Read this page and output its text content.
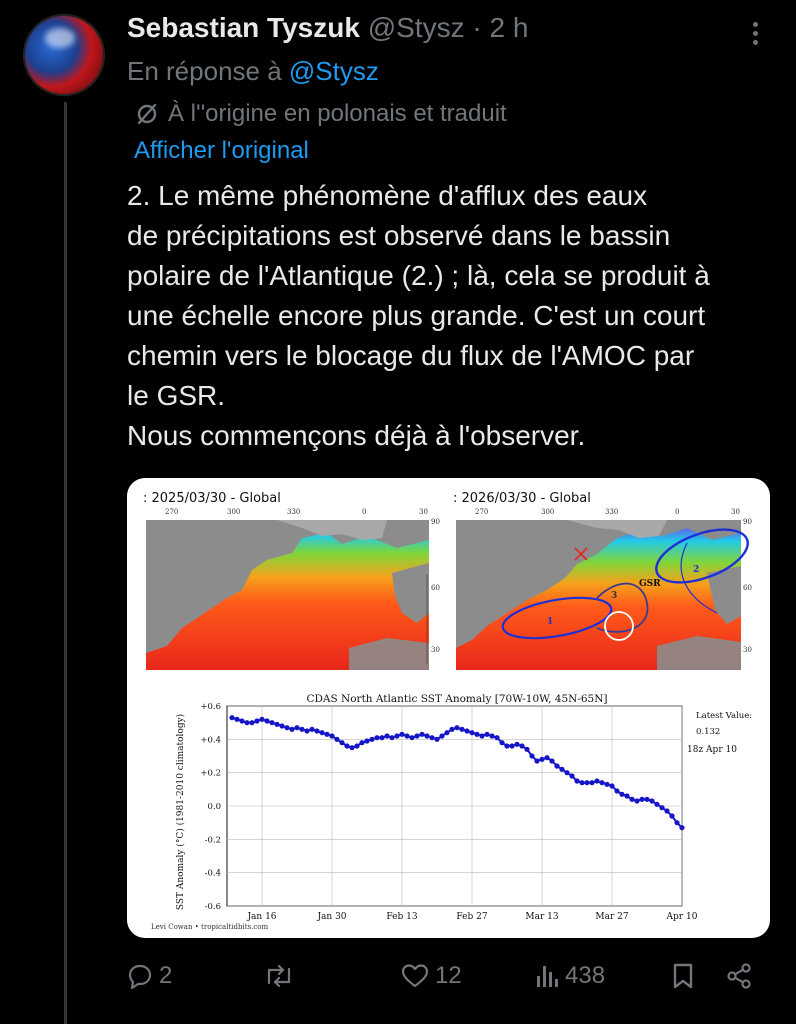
Sebastian Tyszuk @Stysz · 2 h
En réponse à @Stysz
À l''origine en polonais et traduit
Afficher l'original

2. Le même phénomène d'afflux des eaux

de précipitations est observé dans le bassin

polaire de l'Atlantique (2.) ; là, cela se produit à

une échelle encore plus grande. C'est un court

chemin vers le blocage du flux de l'AMOC par

le GSR.

Nous commençons déjà à l'observer.

: 2025/03/30 - Global
270	300	330	0	30
90
60
30
: 2026/03/30 - Global
270	300	330	0	30
1
2
3
GSR
90
60
30
CDAS North Atlantic SST Anomaly [70W-10W, 45N-65N]
SST Anomaly (°C) (1981-2010 climatology)	Latest Value:
0.132
18z Apr 10
Levi Cowan • tropicaltidbits.com
+0.6
+0.4
+0.2
0.0
-0.2
-0.4
-0.6
Jan 16	Jan 30	Feb 13	Feb 27	Mar 13	Mar 27	Apr 10
2	12	438
